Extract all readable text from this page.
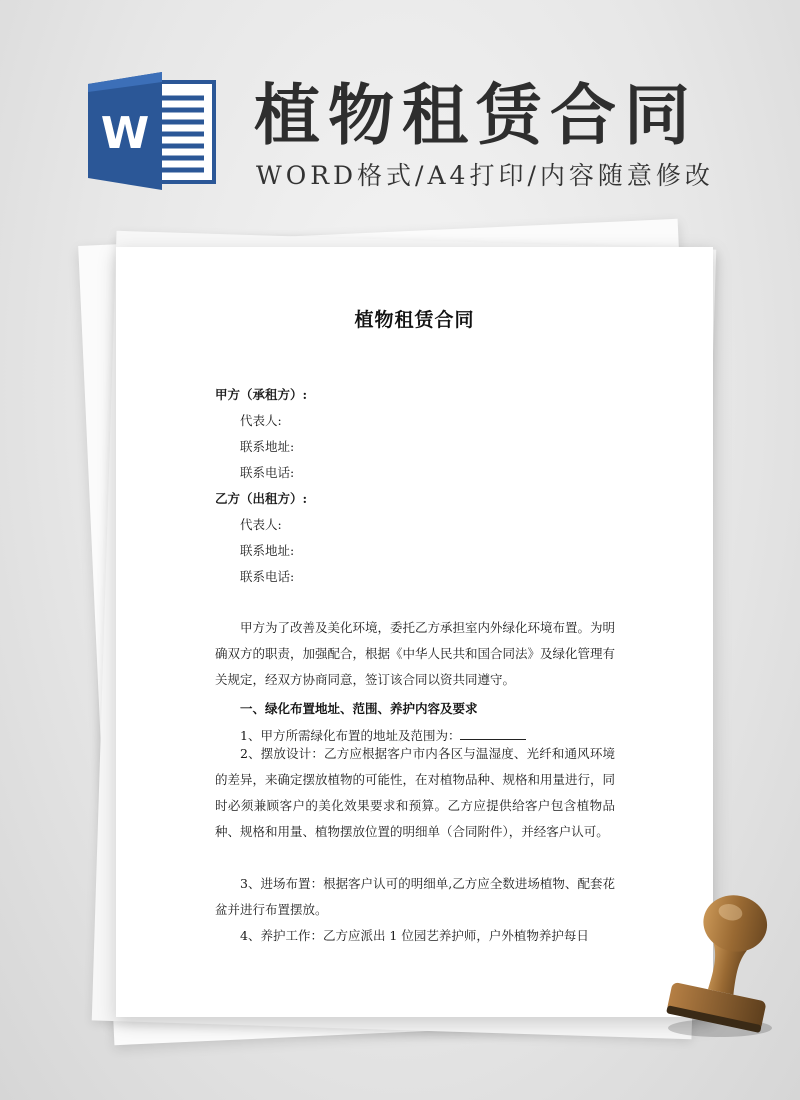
W 植物租赁合同
WORD格式/A4打印/内容随意修改
植物租赁合同
甲方（承租方）:
代表人:
联系地址:
联系电话:
乙方（出租方）:
代表人:
联系地址:
联系电话:
甲方为了改善及美化环境，委托乙方承担室内外绿化环境布置。为明确双方的职责，加强配合，根据《中华人民共和国合同法》及绿化管理有关规定，经双方协商同意，签订该合同以资共同遵守。
一、绿化布置地址、范围、养护内容及要求
1、甲方所需绿化布置的地址及范围为：
2、摆放设计：乙方应根据客户市内各区与温湿度、光纤和通风环境的差异，来确定摆放植物的可能性，在对植物品种、规格和用量进行，同时必须兼顾客户的美化效果要求和预算。乙方应提供给客户包含植物品种、规格和用量、植物摆放位置的明细单（合同附件），并经客户认可。
3、进场布置：根据客户认可的明细单,乙方应全数进场植物、配套花盆并进行布置摆放。
4、养护工作：乙方应派出 1 位园艺养护师，户外植物养护每日
